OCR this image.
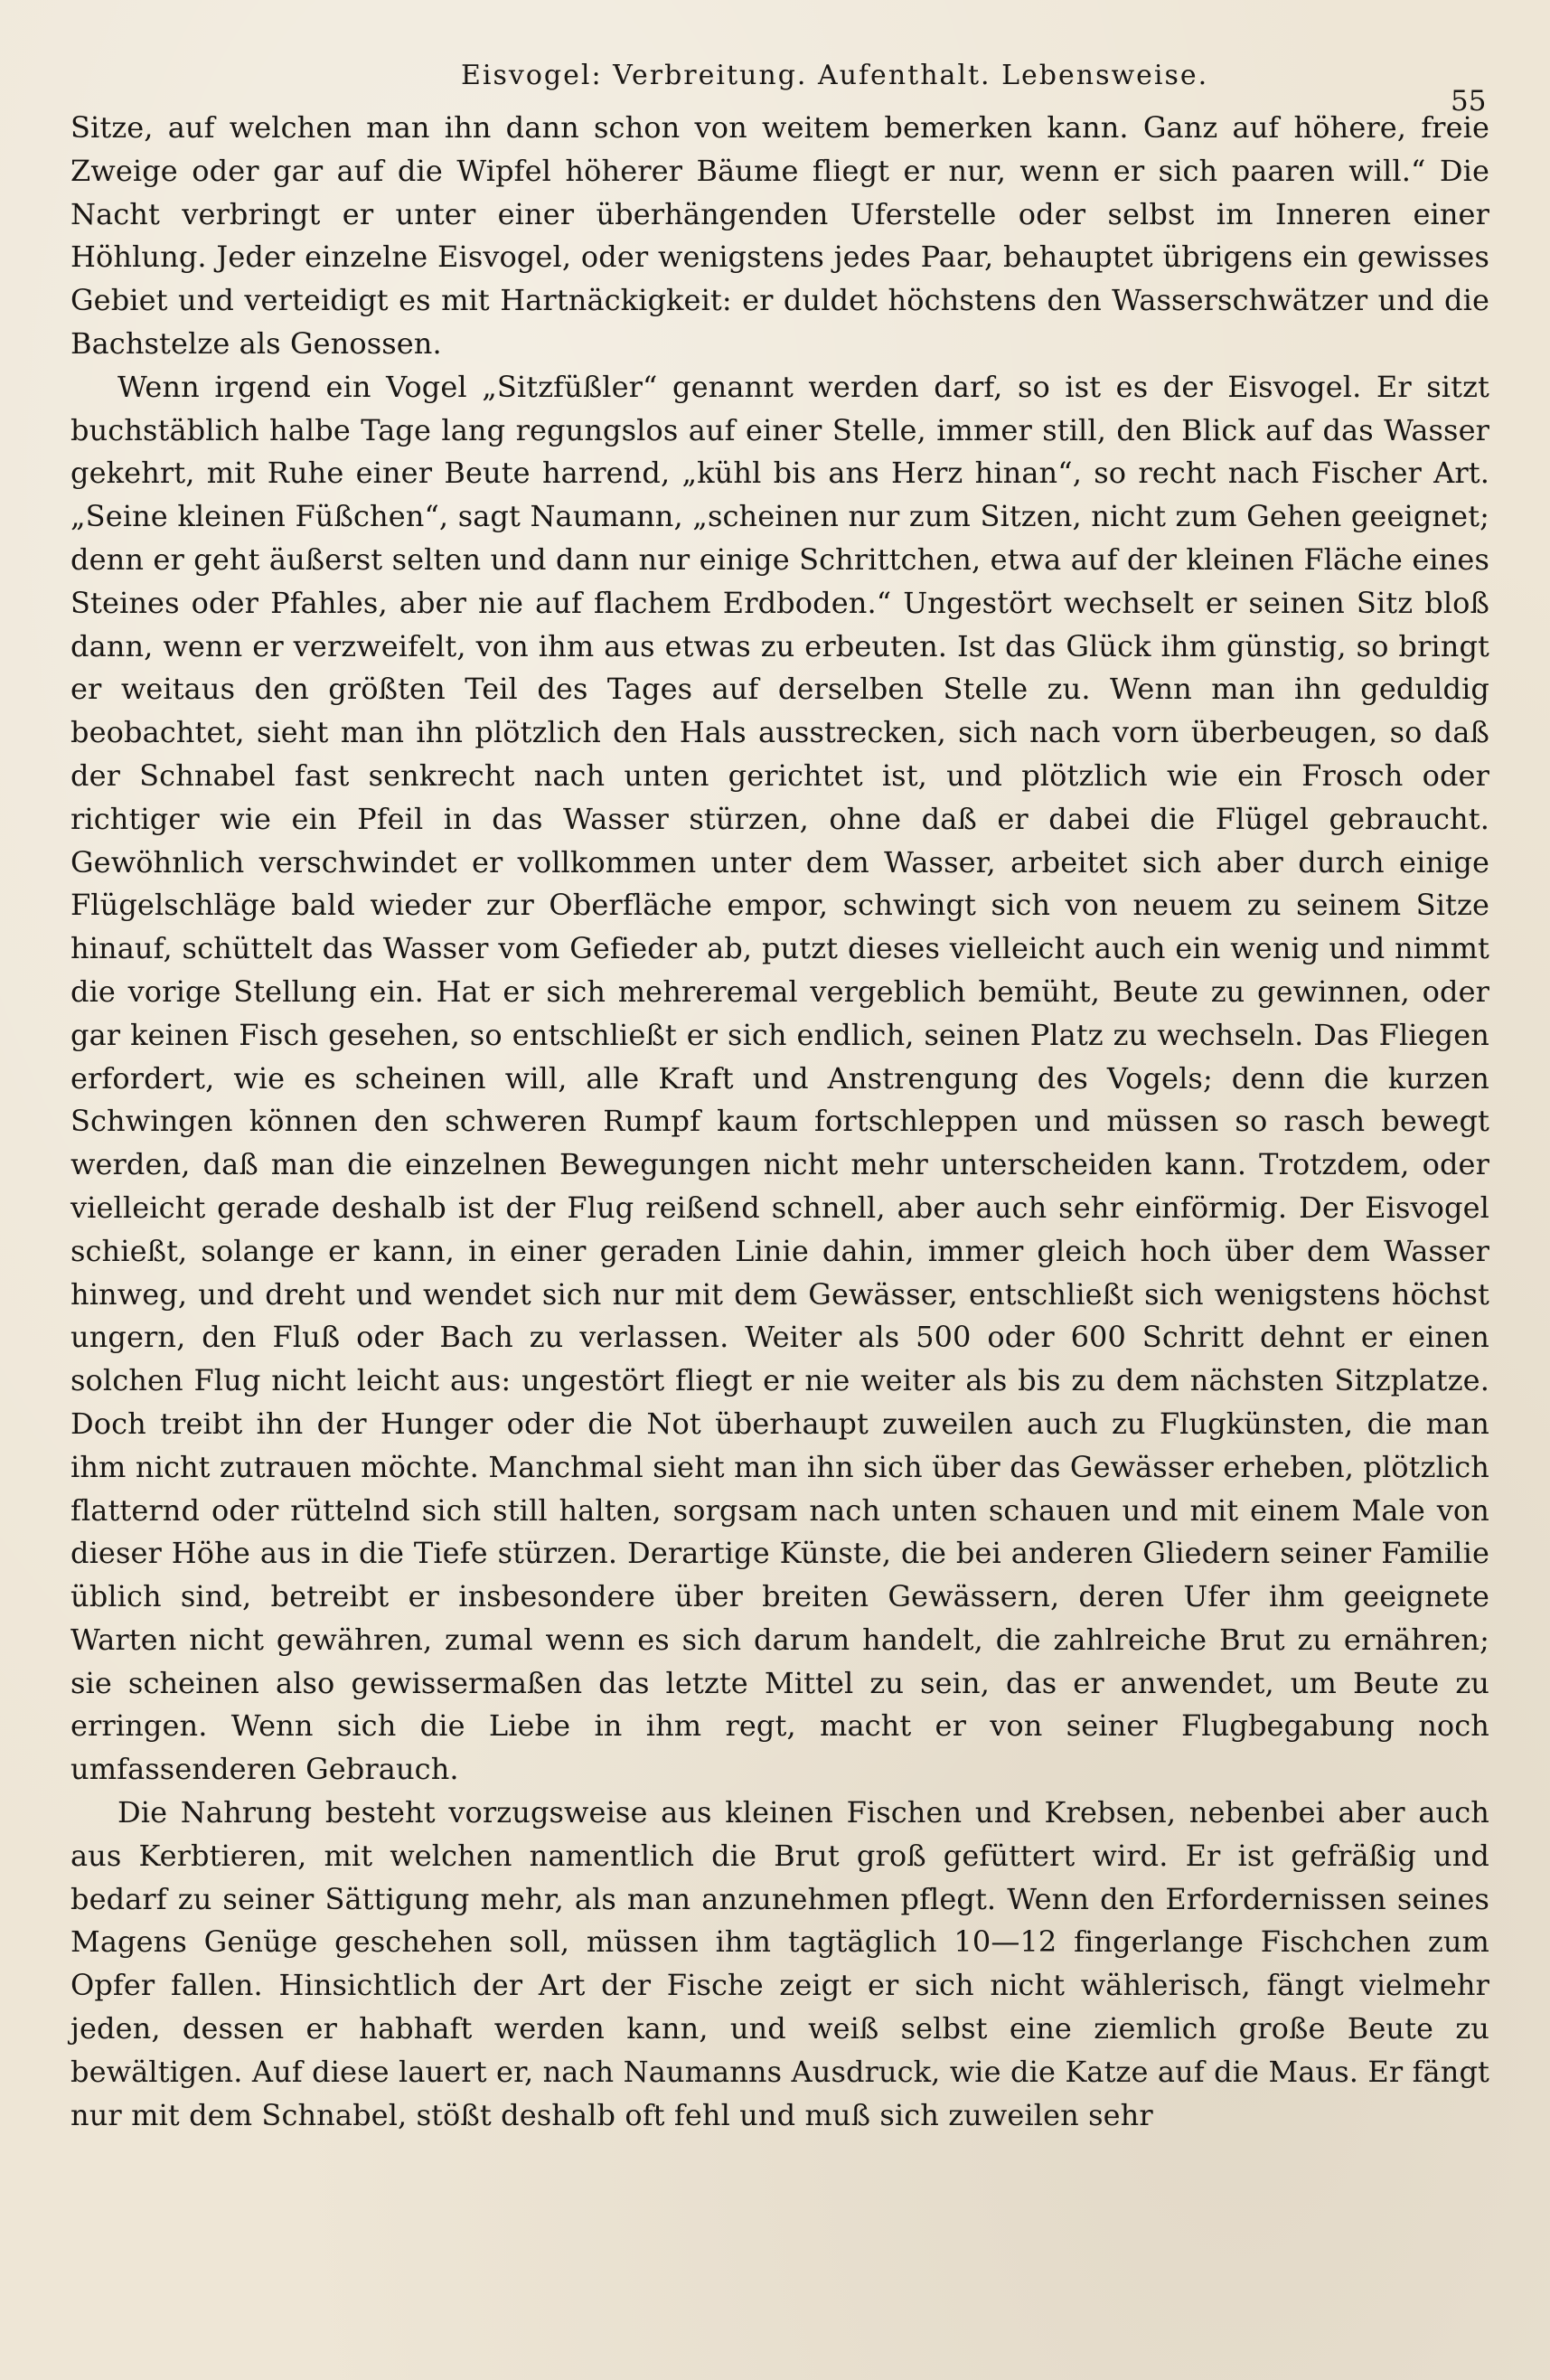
Eisvogel: Verbreitung. Aufenthalt. Lebensweise.
55

Sitze, auf welchen man ihn dann schon von weitem bemerken kann. Ganz auf höhere, freie Zweige oder gar auf die Wipfel höherer Bäume fliegt er nur, wenn er sich paaren will.“ Die Nacht verbringt er unter einer überhängenden Uferstelle oder selbst im Inneren einer Höhlung. Jeder einzelne Eisvogel, oder wenigstens jedes Paar, behauptet übrigens ein gewisses Gebiet und verteidigt es mit Hartnäckigkeit: er duldet höchstens den Wasserschwätzer und die Bachstelze als Genossen.

Wenn irgend ein Vogel „Sitzfüßler“ genannt werden darf, so ist es der Eisvogel. Er sitzt buchstäblich halbe Tage lang regungslos auf einer Stelle, immer still, den Blick auf das Wasser gekehrt, mit Ruhe einer Beute harrend, „kühl bis ans Herz hinan“, so recht nach Fischer Art. „Seine kleinen Füßchen“, sagt Naumann, „scheinen nur zum Sitzen, nicht zum Gehen geeignet; denn er geht äußerst selten und dann nur einige Schrittchen, etwa auf der kleinen Fläche eines Steines oder Pfahles, aber nie auf flachem Erdboden.“ Ungestört wechselt er seinen Sitz bloß dann, wenn er verzweifelt, von ihm aus etwas zu erbeuten. Ist das Glück ihm günstig, so bringt er weitaus den größten Teil des Tages auf derselben Stelle zu. Wenn man ihn geduldig beobachtet, sieht man ihn plötzlich den Hals ausstrecken, sich nach vorn überbeugen, so daß der Schnabel fast senkrecht nach unten gerichtet ist, und plötzlich wie ein Frosch oder richtiger wie ein Pfeil in das Wasser stürzen, ohne daß er dabei die Flügel gebraucht. Gewöhnlich verschwindet er vollkommen unter dem Wasser, arbeitet sich aber durch einige Flügelschläge bald wieder zur Oberfläche empor, schwingt sich von neuem zu seinem Sitze hinauf, schüttelt das Wasser vom Gefieder ab, putzt dieses vielleicht auch ein wenig und nimmt die vorige Stellung ein. Hat er sich mehreremal vergeblich bemüht, Beute zu gewinnen, oder gar keinen Fisch gesehen, so entschließt er sich endlich, seinen Platz zu wechseln. Das Fliegen erfordert, wie es scheinen will, alle Kraft und Anstrengung des Vogels; denn die kurzen Schwingen können den schweren Rumpf kaum fortschleppen und müssen so rasch bewegt werden, daß man die einzelnen Bewegungen nicht mehr unterscheiden kann. Trotzdem, oder vielleicht gerade deshalb ist der Flug reißend schnell, aber auch sehr einförmig. Der Eisvogel schießt, solange er kann, in einer geraden Linie dahin, immer gleich hoch über dem Wasser hinweg, und dreht und wendet sich nur mit dem Gewässer, entschließt sich wenigstens höchst ungern, den Fluß oder Bach zu verlassen. Weiter als 500 oder 600 Schritt dehnt er einen solchen Flug nicht leicht aus: ungestört fliegt er nie weiter als bis zu dem nächsten Sitzplatze. Doch treibt ihn der Hunger oder die Not überhaupt zuweilen auch zu Flugkünsten, die man ihm nicht zutrauen möchte. Manchmal sieht man ihn sich über das Gewässer erheben, plötzlich flatternd oder rüttelnd sich still halten, sorgsam nach unten schauen und mit einem Male von dieser Höhe aus in die Tiefe stürzen. Derartige Künste, die bei anderen Gliedern seiner Familie üblich sind, betreibt er insbesondere über breiten Gewässern, deren Ufer ihm geeignete Warten nicht gewähren, zumal wenn es sich darum handelt, die zahlreiche Brut zu ernähren; sie scheinen also gewissermaßen das letzte Mittel zu sein, das er anwendet, um Beute zu erringen. Wenn sich die Liebe in ihm regt, macht er von seiner Flugbegabung noch umfassenderen Gebrauch.

Die Nahrung besteht vorzugsweise aus kleinen Fischen und Krebsen, nebenbei aber auch aus Kerbtieren, mit welchen namentlich die Brut groß gefüttert wird. Er ist gefräßig und bedarf zu seiner Sättigung mehr, als man anzunehmen pflegt. Wenn den Erfordernissen seines Magens Genüge geschehen soll, müssen ihm tagtäglich 10—12 fingerlange Fischchen zum Opfer fallen. Hinsichtlich der Art der Fische zeigt er sich nicht wählerisch, fängt vielmehr jeden, dessen er habhaft werden kann, und weiß selbst eine ziemlich große Beute zu bewältigen. Auf diese lauert er, nach Naumanns Ausdruck, wie die Katze auf die Maus. Er fängt nur mit dem Schnabel, stößt deshalb oft fehl und muß sich zuweilen sehr
